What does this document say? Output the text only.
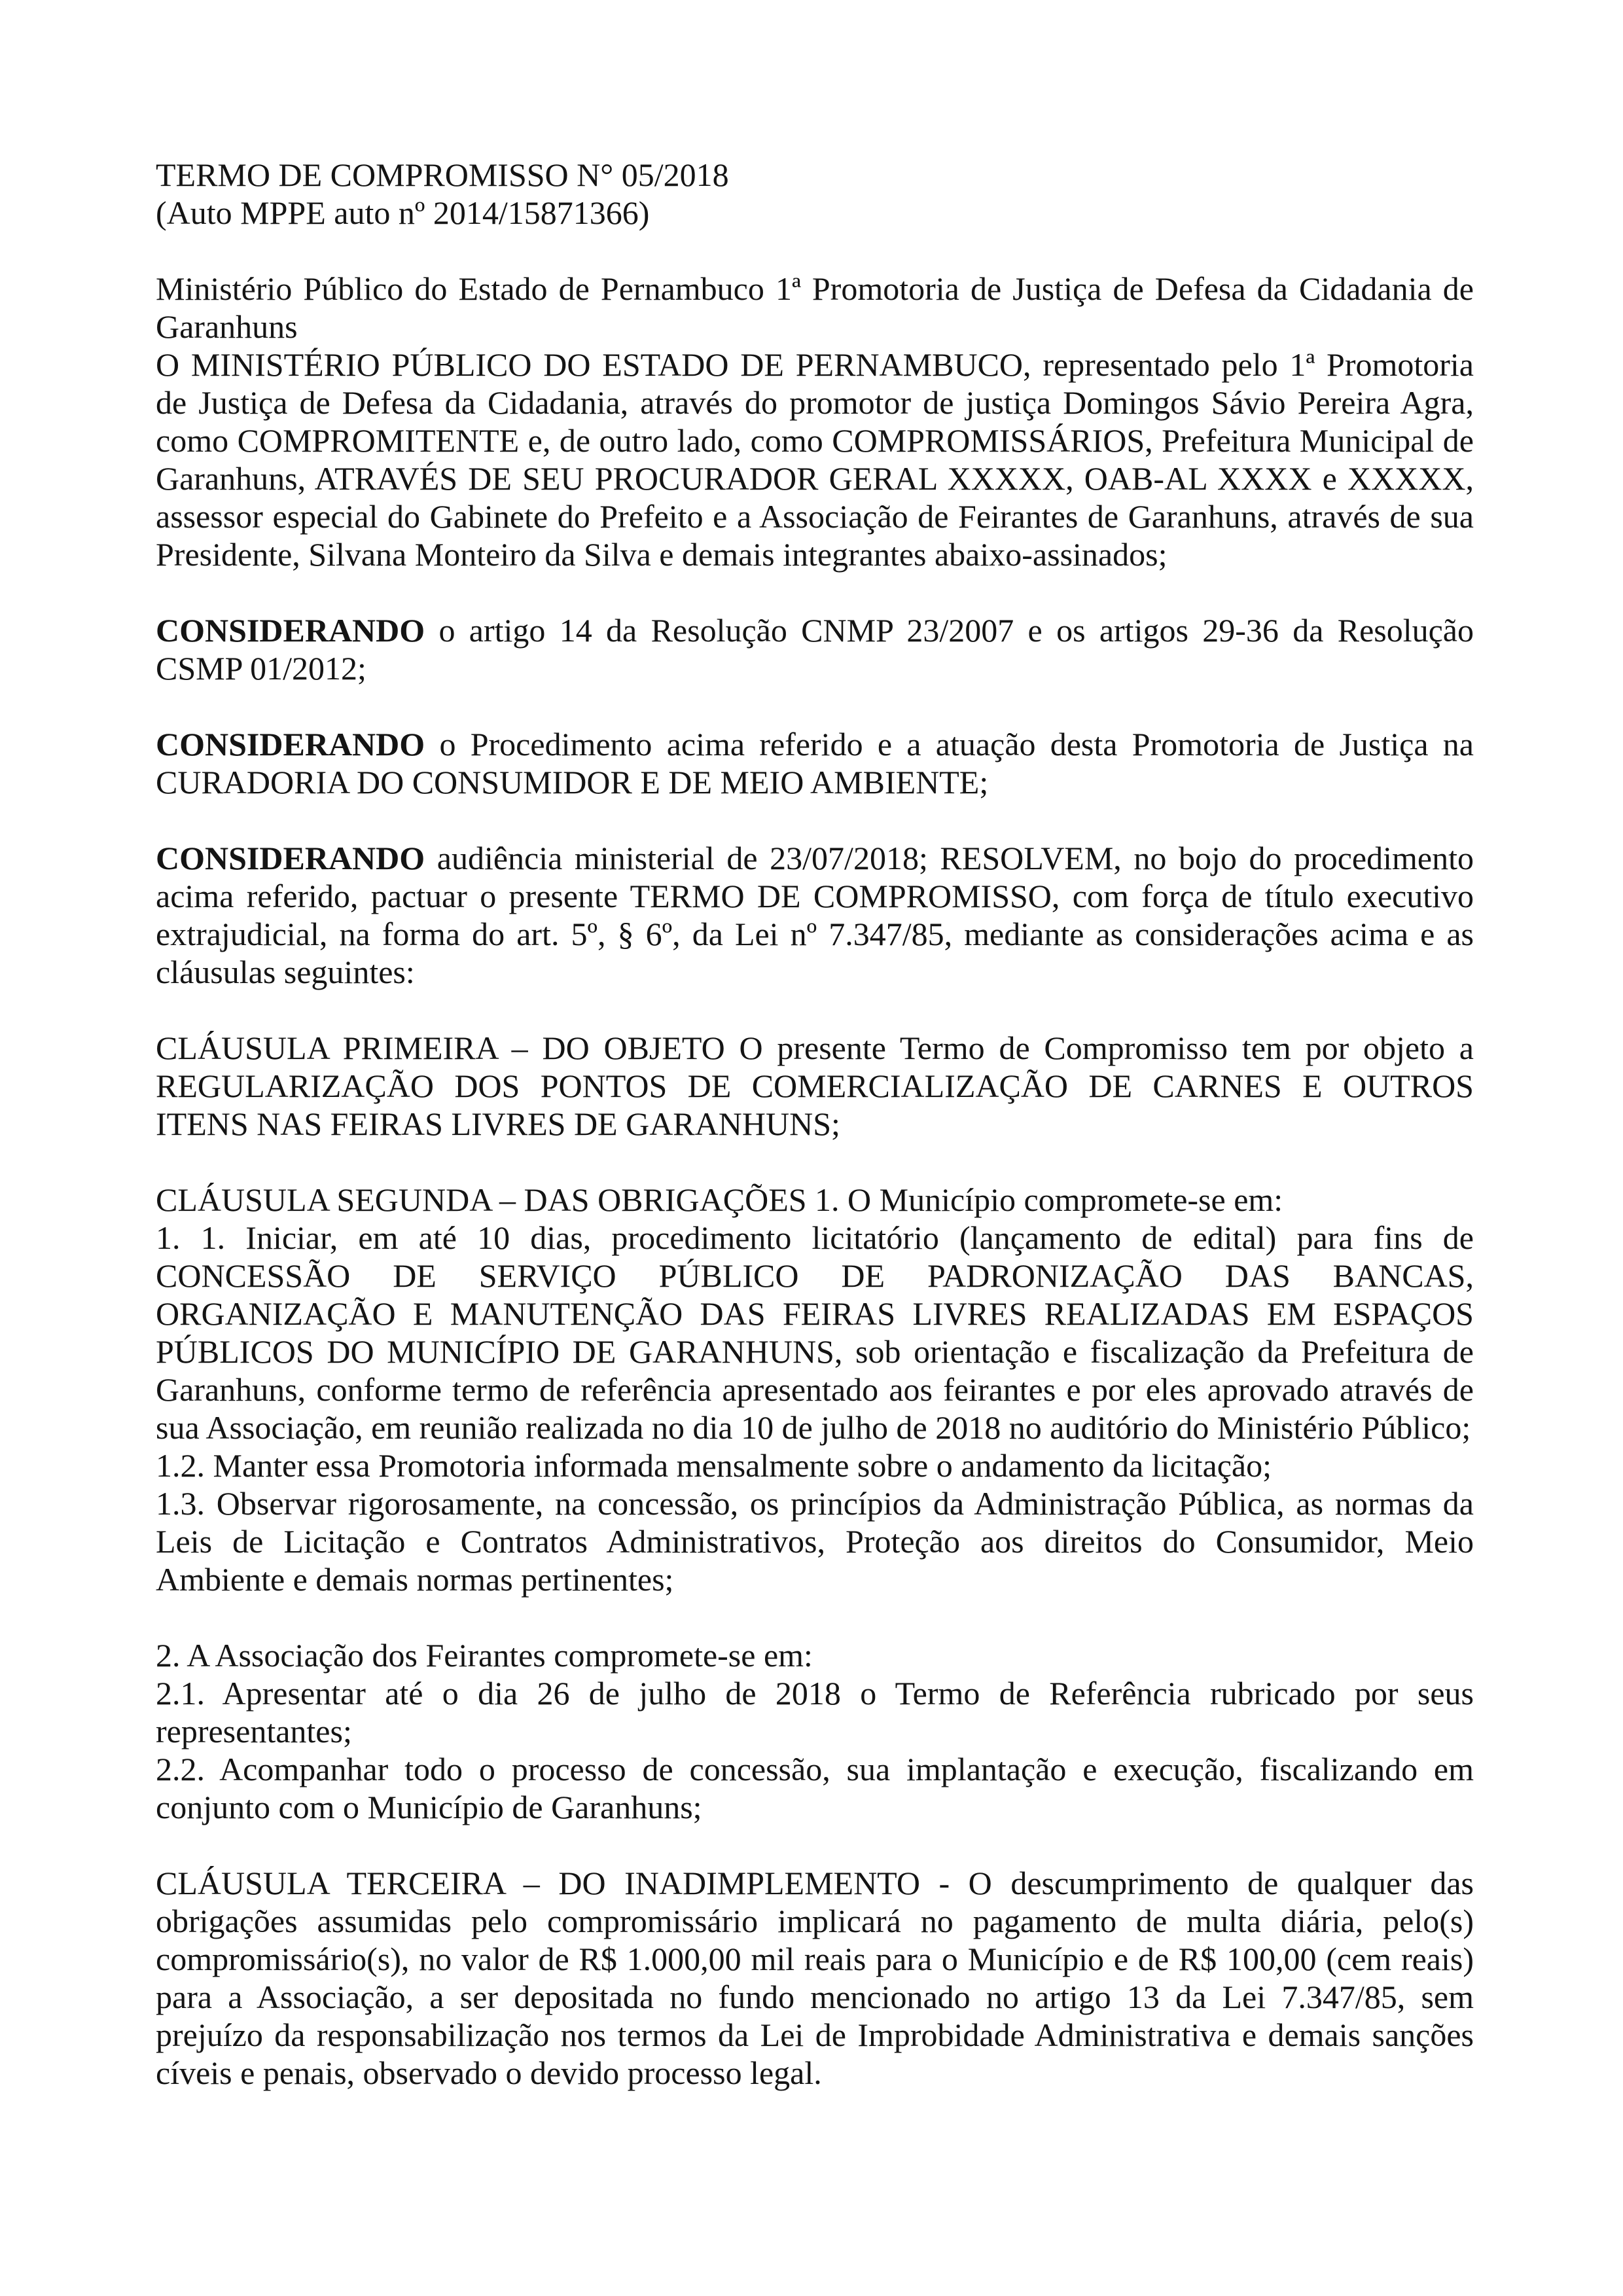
TERMO DE COMPROMISSO N° 05/2018

(Auto MPPE auto nº 2014/15871366)

Ministério Público do Estado de Pernambuco 1ª Promotoria de Justiça de Defesa da Cidadania de Garanhuns

O MINISTÉRIO PÚBLICO DO ESTADO DE PERNAMBUCO, representado pelo 1ª Promotoria de Justiça de Defesa da Cidadania, através do promotor de justiça Domingos Sávio Pereira Agra, como COMPROMITENTE e, de outro lado, como COMPROMISSÁRIOS, Prefeitura Municipal de Garanhuns, ATRAVÉS DE SEU PROCURADOR GERAL XXXXX, OAB-AL XXXX e XXXXX, assessor especial do Gabinete do Prefeito e a Associação de Feirantes de Garanhuns, através de sua Presidente, Silvana Monteiro da Silva e demais integrantes abaixo-assinados;

CONSIDERANDO o artigo 14 da Resolução CNMP 23/2007 e os artigos 29-36 da Resolução CSMP 01/2012;

CONSIDERANDO o Procedimento acima referido e a atuação desta Promotoria de Justiça na CURADORIA DO CONSUMIDOR E DE MEIO AMBIENTE;

CONSIDERANDO audiência ministerial de 23/07/2018; RESOLVEM, no bojo do procedimento acima referido, pactuar o presente TERMO DE COMPROMISSO, com força de título executivo extrajudicial, na forma do art. 5º, § 6º, da Lei nº 7.347/85, mediante as considerações acima e as cláusulas seguintes:

CLÁUSULA PRIMEIRA – DO OBJETO O presente Termo de Compromisso tem por objeto a REGULARIZAÇÃO DOS PONTOS DE COMERCIALIZAÇÃO DE CARNES E OUTROS ITENS NAS FEIRAS LIVRES DE GARANHUNS;

CLÁUSULA SEGUNDA – DAS OBRIGAÇÕES 1. O Município compromete-se em:

1. 1. Iniciar, em até 10 dias, procedimento licitatório (lançamento de edital) para fins de CONCESSÃO DE SERVIÇO PÚBLICO DE PADRONIZAÇÃO DAS BANCAS, ORGANIZAÇÃO E MANUTENÇÃO DAS FEIRAS LIVRES REALIZADAS EM ESPAÇOS PÚBLICOS DO MUNICÍPIO DE GARANHUNS, sob orientação e fiscalização da Prefeitura de Garanhuns, conforme termo de referência apresentado aos feirantes e por eles aprovado através de sua Associação, em reunião realizada no dia 10 de julho de 2018 no auditório do Ministério Público;

1.2. Manter essa Promotoria informada mensalmente sobre o andamento da licitação;

1.3. Observar rigorosamente, na concessão, os princípios da Administração Pública, as normas da Leis de Licitação e Contratos Administrativos, Proteção aos direitos do Consumidor, Meio Ambiente e demais normas pertinentes;

2. A Associação dos Feirantes compromete-se em:

2.1. Apresentar até o dia 26 de julho de 2018 o Termo de Referência rubricado por seus representantes;

2.2. Acompanhar todo o processo de concessão, sua implantação e execução, fiscalizando em conjunto com o Município de Garanhuns;

CLÁUSULA TERCEIRA – DO INADIMPLEMENTO - O descumprimento de qualquer das obrigações assumidas pelo compromissário implicará no pagamento de multa diária, pelo(s) compromissário(s), no valor de R$ 1.000,00 mil reais para o Município e de R$ 100,00 (cem reais) para a Associação, a ser depositada no fundo mencionado no artigo 13 da Lei 7.347/85, sem prejuízo da responsabilização nos termos da Lei de Improbidade Administrativa e demais sanções cíveis e penais, observado o devido processo legal.
